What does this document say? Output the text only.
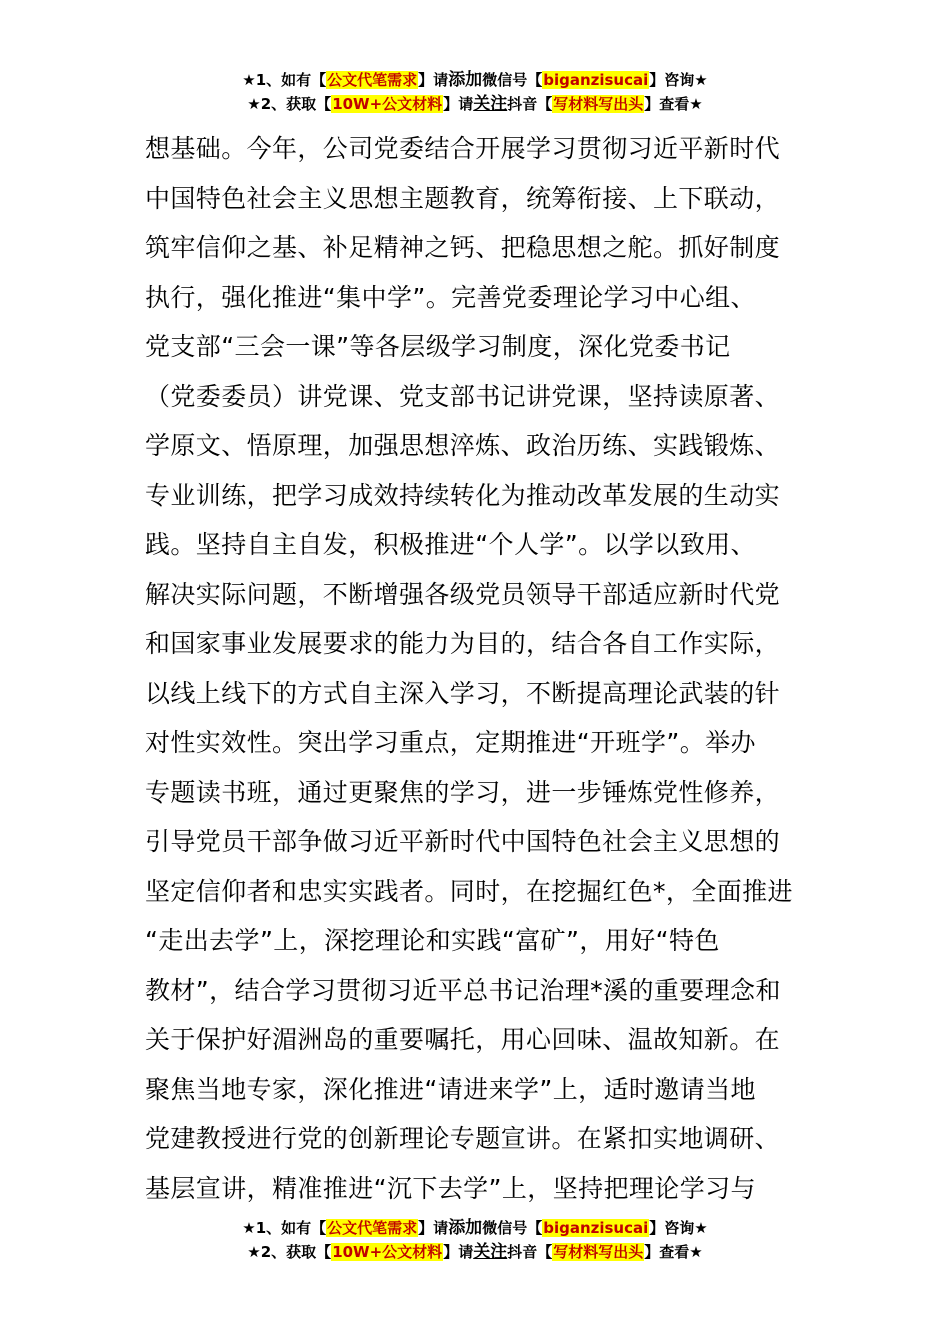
★1、如有【公文代笔需求】请添加微信号【biganzisucai】咨询★
★2、获取【10W+公文材料】请关注抖音【写材料写出头】查看★
想基础。今年，公司党委结合开展学习贯彻习近平新时代
中国特色社会主义思想主题教育，统筹衔接、上下联动，
筑牢信仰之基、补足精神之钙、把稳思想之舵。抓好制度
执行，强化推进“集中学”。完善党委理论学习中心组、
党支部“三会一课”等各层级学习制度，深化党委书记
（党委委员）讲党课、党支部书记讲党课，坚持读原著、
学原文、悟原理，加强思想淬炼、政治历练、实践锻炼、
专业训练，把学习成效持续转化为推动改革发展的生动实
践。坚持自主自发，积极推进“个人学”。以学以致用、
解决实际问题，不断增强各级党员领导干部适应新时代党
和国家事业发展要求的能力为目的，结合各自工作实际，
以线上线下的方式自主深入学习，不断提高理论武装的针
对性实效性。突出学习重点，定期推进“开班学”。举办
专题读书班，通过更聚焦的学习，进一步锤炼党性修养，
引导党员干部争做习近平新时代中国特色社会主义思想的
坚定信仰者和忠实实践者。同时，在挖掘红色*，全面推进
“走出去学”上，深挖理论和实践“富矿”，用好“特色
教材”，结合学习贯彻习近平总书记治理*溪的重要理念和
关于保护好湄洲岛的重要嘱托，用心回味、温故知新。在
聚焦当地专家，深化推进“请进来学”上，适时邀请当地
党建教授进行党的创新理论专题宣讲。在紧扣实地调研、
基层宣讲，精准推进“沉下去学”上，坚持把理论学习与
★1、如有【公文代笔需求】请添加微信号【biganzisucai】咨询★
★2、获取【10W+公文材料】请关注抖音【写材料写出头】查看★
